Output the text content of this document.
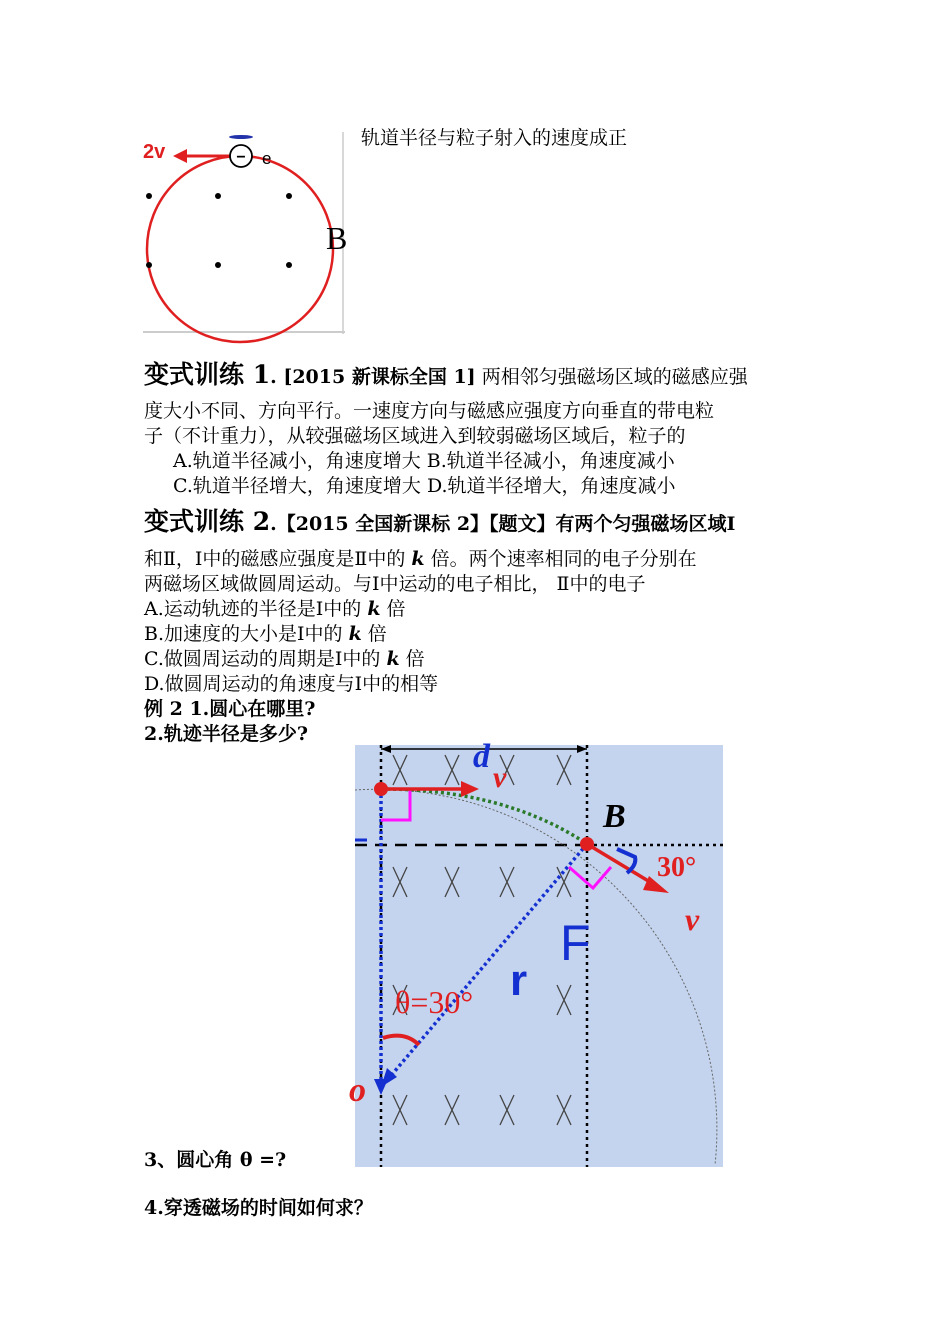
2v	− e
B
轨道半径与粒子射入的速度成正
变式训练 1. [2015 新课标全国 1] 两相邻匀强磁场区域的磁感应强
度大小不同、方向平行。一速度方向与磁感应强度方向垂直的带电粒
子（不计重力），从较强磁场区域进入到较弱磁场区域后，粒子的
A.轨道半径减小，角速度增大 B.轨道半径减小，角速度减小
C.轨道半径增大，角速度增大 D.轨道半径增大，角速度减小
变式训练 2.【2015 全国新课标 2】【题文】有两个匀强磁场区域Ⅰ
和Ⅱ，Ⅰ中的磁感应强度是Ⅱ中的 k 倍。两个速率相同的电子分别在
两磁场区域做圆周运动。与Ⅰ中运动的电子相比， Ⅱ中的电子
A.运动轨迹的半径是Ⅰ中的 k 倍
B.加速度的大小是Ⅰ中的 k 倍
C.做圆周运动的周期是Ⅰ中的 k 倍
D.做圆周运动的角速度与Ⅰ中的相等
例 2 1.圆心在哪里?
2.轨迹半径是多少?
d
v
B
30°
v
F
r
θ=30°
o
3、圆心角 θ =?
4.穿透磁场的时间如何求？
